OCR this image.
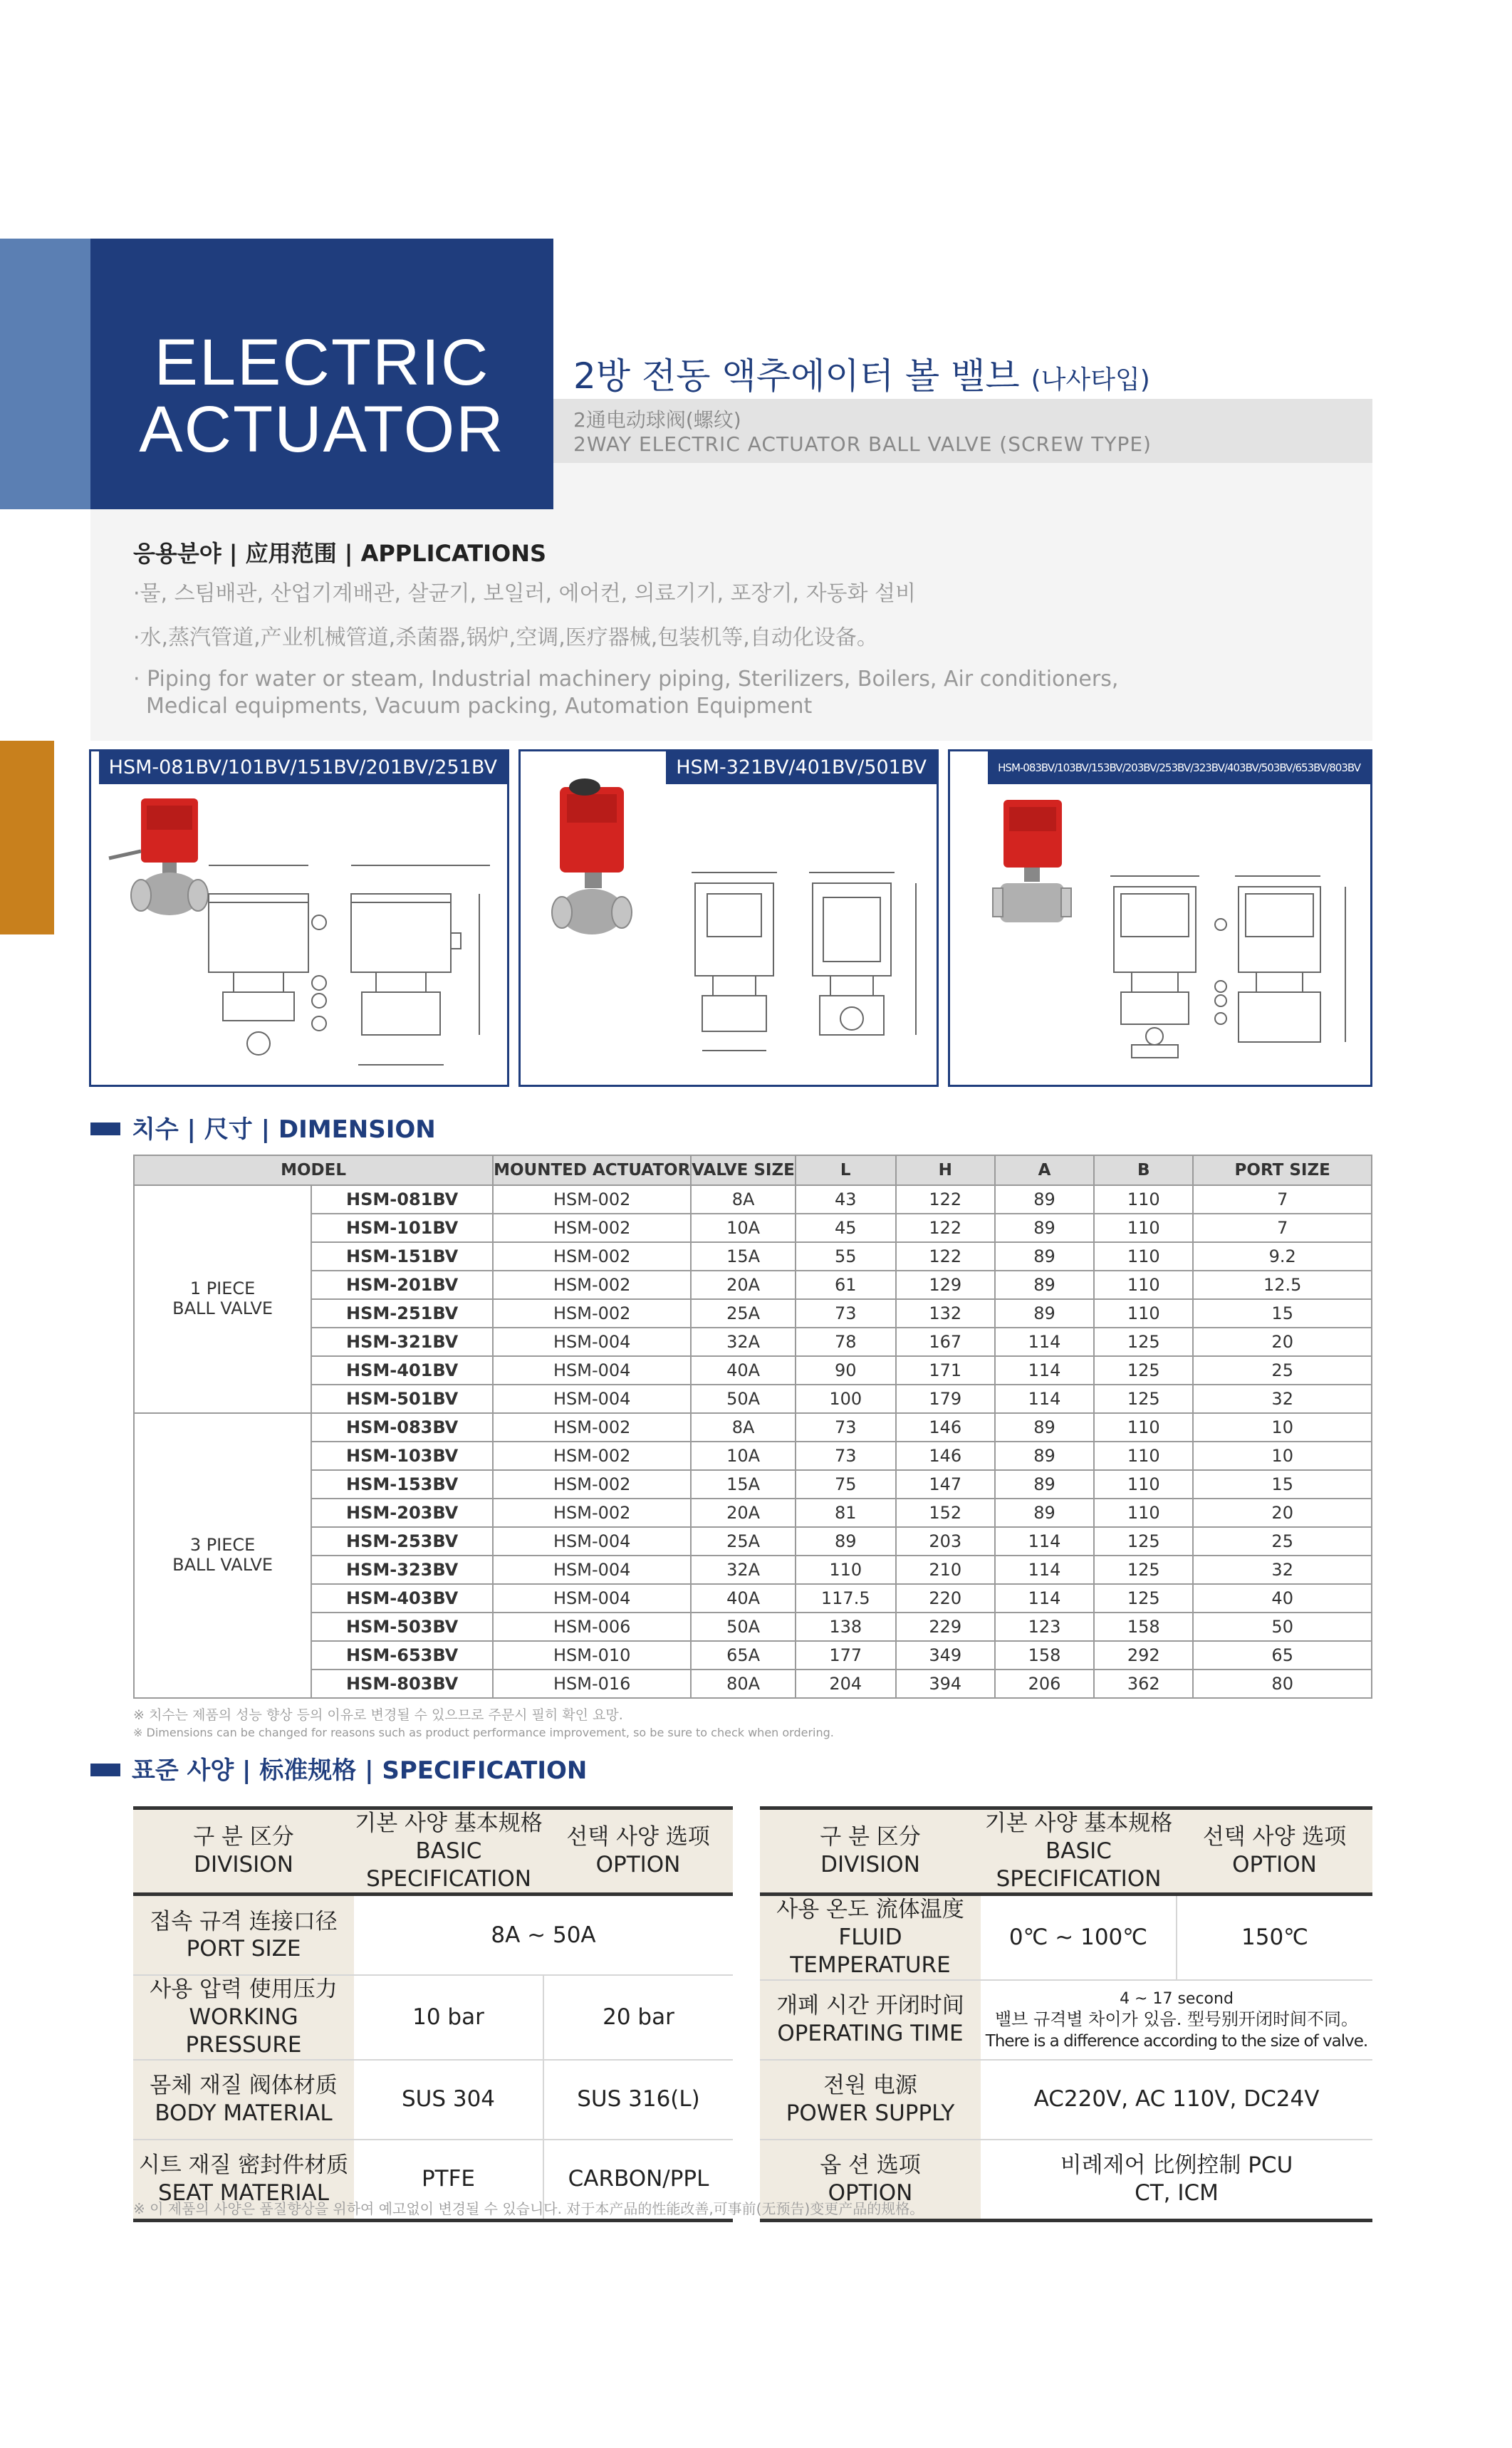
ELECTRIC
ACTUATOR
2방 전동 액추에이터 볼 밸브 (나사타입)
2通电动球阀(螺纹)
2WAY ELECTRIC ACTUATOR BALL VALVE (SCREW TYPE)
응용분야 | 应用范围 | APPLICATIONS
·물, 스팀배관, 산업기계배관, 살균기, 보일러, 에어컨, 의료기기, 포장기, 자동화 설비
·水,蒸汽管道,产业机械管道,杀菌器,锅炉,空调,医疗器械,包装机等,自动化设备。
· Piping for water or steam, Industrial machinery piping, Sterilizers, Boilers, Air conditioners,
Medical equipments, Vacuum packing, Automation Equipment
HSM-081BV/101BV/151BV/201BV/251BV	HSM-321BV/401BV/501BV	HSM-083BV/103BV/153BV/203BV/253BV/323BV/403BV/503BV/653BV/803BV
치수 | 尺寸 | DIMENSION
MODEL		MOUNTED ACTUATOR	VALVE SIZE	L	H	A	B	PORT SIZE
1 PIECE
BALL VALVE	HSM-081BV	HSM-002	8A	43	122	89	110	7
	HSM-101BV	HSM-002	10A	45	122	89	110	7
	HSM-151BV	HSM-002	15A	55	122	89	110	9.2
	HSM-201BV	HSM-002	20A	61	129	89	110	12.5
	HSM-251BV	HSM-002	25A	73	132	89	110	15
	HSM-321BV	HSM-004	32A	78	167	114	125	20
	HSM-401BV	HSM-004	40A	90	171	114	125	25
	HSM-501BV	HSM-004	50A	100	179	114	125	32
3 PIECE
BALL VALVE	HSM-083BV	HSM-002	8A	73	146	89	110	10
	HSM-103BV	HSM-002	10A	73	146	89	110	10
	HSM-153BV	HSM-002	15A	75	147	89	110	15
	HSM-203BV	HSM-002	20A	81	152	89	110	20
	HSM-253BV	HSM-004	25A	89	203	114	125	25
	HSM-323BV	HSM-004	32A	110	210	114	125	32
	HSM-403BV	HSM-004	40A	117.5	220	114	125	40
	HSM-503BV	HSM-006	50A	138	229	123	158	50
	HSM-653BV	HSM-010	65A	177	349	158	292	65
	HSM-803BV	HSM-016	80A	204	394	206	362	80
※ 치수는 제품의 성능 향상 등의 이유로 변경될 수 있으므로 주문시 필히 확인 요망.
※ Dimensions can be changed for reasons such as product performance improvement, so be sure to check when ordering.
표준 사양 | 标准规格 | SPECIFICATION
구 분 区分
DIVISION	기본 사양 基本规格
BASIC SPECIFICATION	선택 사양 选项
OPTION
접속 규격 连接口径
PORT SIZE	8A ~ 50A	
사용 압력 使用压力
WORKING PRESSURE	10 bar	20 bar
몸체 재질 阀体材质
BODY MATERIAL	SUS 304	SUS 316(L)
시트 재질 密封件材质
SEAT MATERIAL	PTFE	CARBON/PPL
구 분 区分
DIVISION	기본 사양 基本规格
BASIC SPECIFICATION	선택 사양 选项
OPTION
사용 온도 流体温度
FLUID TEMPERATURE	0℃ ~ 100℃	150℃
개폐 시간 开闭时间
OPERATING TIME	4 ~ 17 second
밸브 규격별 차이가 있음. 型号别开闭时间不同。
There is a difference according to the size of valve.	
전원 电源
POWER SUPPLY	AC220V, AC 110V, DC24V	
옵 션 选项
OPTION	비례제어 比例控制 PCU
CT, ICM	
※ 이 제품의 사양은 품질향상을 위하여 예고없이 변경될 수 있습니다. 对于本产品的性能改善,可事前(无预告)变更产品的规格。
